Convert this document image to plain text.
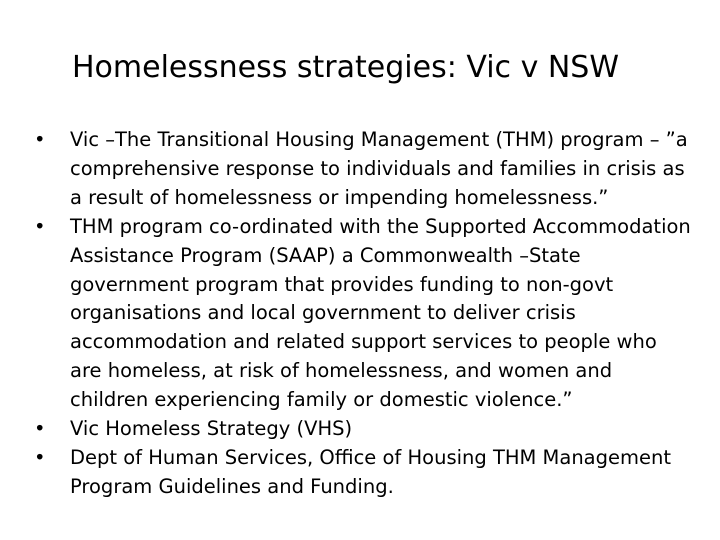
Homelessness strategies: Vic v NSW
•	Vic –The Transitional Housing Management (THM) program – ”a comprehensive response to individuals and families in crisis as a result of homelessness or impending homelessness.”
•	THM program co-ordinated with the Supported Accommodation Assistance Program (SAAP) a Commonwealth –State government program that provides funding to non-govt organisations and local government to deliver crisis accommodation and related support services to people who are homeless, at risk of homelessness, and women and children experiencing family or domestic violence.”
•	Vic Homeless Strategy (VHS)
•	Dept of Human Services, Office of Housing THM Management Program Guidelines and Funding.
